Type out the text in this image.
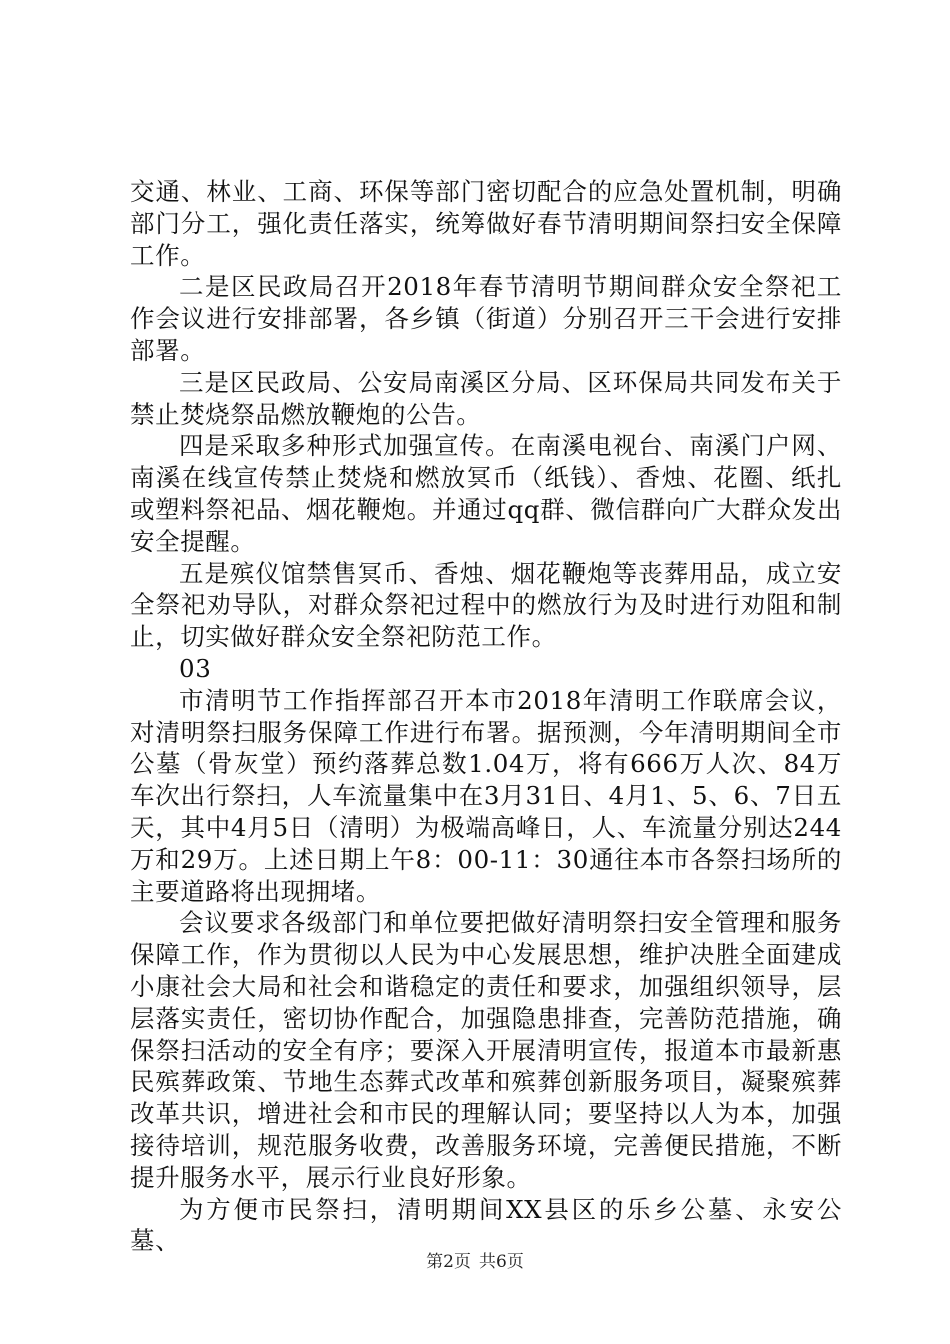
交通、林业、工商、环保等部门密切配合的应急处置机制，明确部门分工，强化责任落实，统筹做好春节清明期间祭扫安全保障工作。

二是区民政局召开2018年春节清明节期间群众安全祭祀工作会议进行安排部署，各乡镇（街道）分别召开三干会进行安排部署。

三是区民政局、公安局南溪区分局、区环保局共同发布关于禁止焚烧祭品燃放鞭炮的公告。

四是采取多种形式加强宣传。在南溪电视台、南溪门户网、南溪在线宣传禁止焚烧和燃放冥币（纸钱）、香烛、花圈、纸扎或塑料祭祀品、烟花鞭炮。并通过qq群、微信群向广大群众发出安全提醒。

五是殡仪馆禁售冥币、香烛、烟花鞭炮等丧葬用品，成立安全祭祀劝导队，对群众祭祀过程中的燃放行为及时进行劝阻和制止，切实做好群众安全祭祀防范工作。

03

市清明节工作指挥部召开本市2018年清明工作联席会议，对清明祭扫服务保障工作进行布署。据预测，今年清明期间全市公墓（骨灰堂）预约落葬总数1.04万，将有666万人次、84万车次出行祭扫，人车流量集中在3月31日、4月1、5、6、7日五天，其中4月5日（清明）为极端高峰日，人、车流量分别达244万和29万。上述日期上午8：00-11：30通往本市各祭扫场所的主要道路将出现拥堵。

会议要求各级部门和单位要把做好清明祭扫安全管理和服务保障工作，作为贯彻以人民为中心发展思想，维护决胜全面建成小康社会大局和社会和谐稳定的责任和要求，加强组织领导，层层落实责任，密切协作配合，加强隐患排查，完善防范措施，确保祭扫活动的安全有序；要深入开展清明宣传，报道本市最新惠民殡葬政策、节地生态葬式改革和殡葬创新服务项目，凝聚殡葬改革共识，增进社会和市民的理解认同；要坚持以人为本，加强接待培训，规范服务收费，改善服务环境，完善便民措施，不断提升服务水平，展示行业良好形象。

为方便市民祭扫，清明期间XX县区的乐乡公墓、永安公墓、

第2页 共6页
